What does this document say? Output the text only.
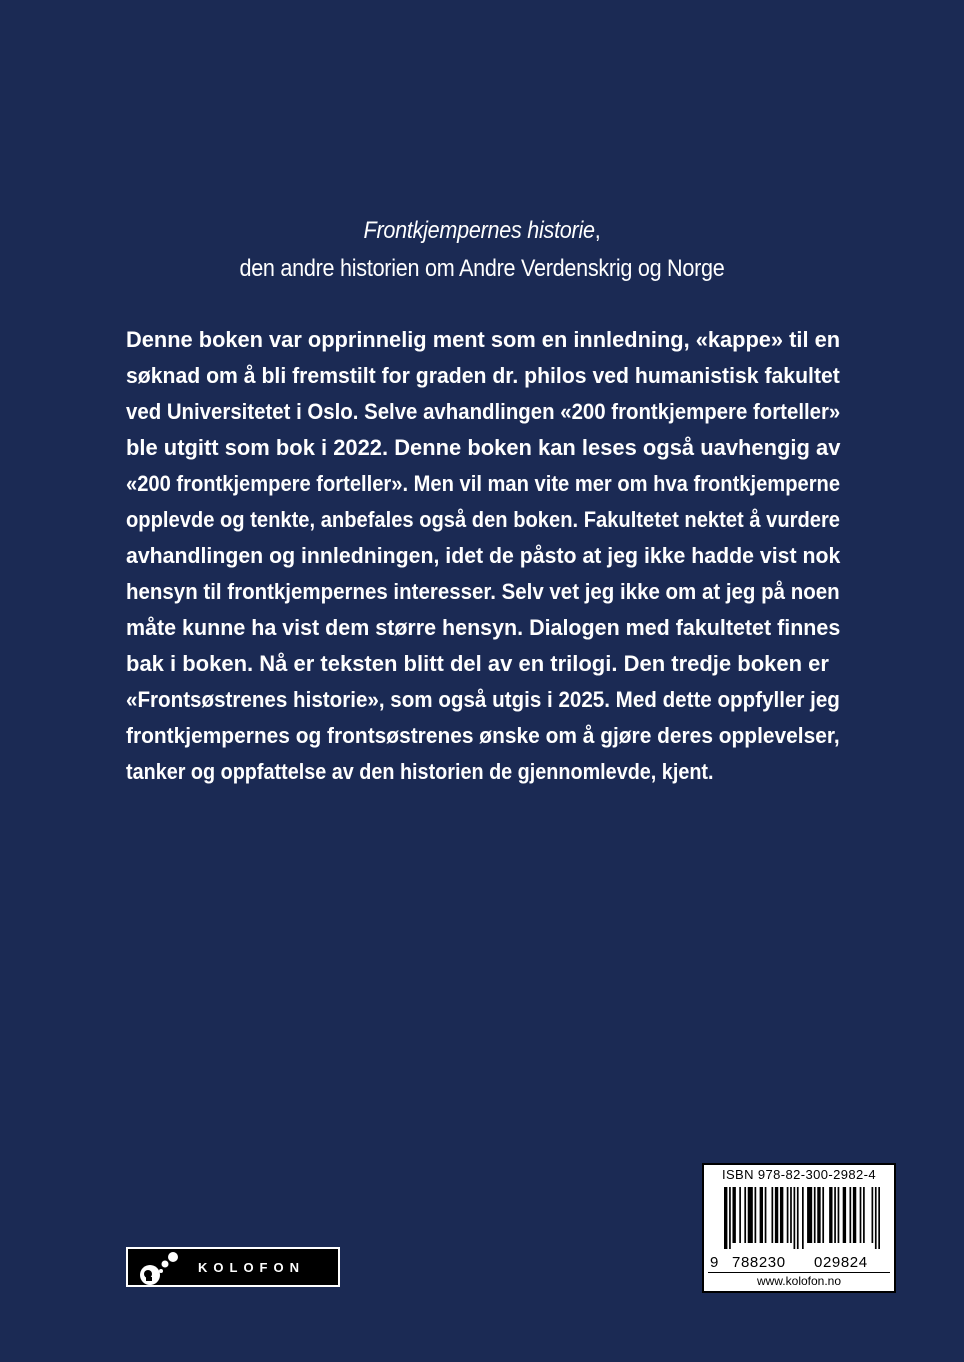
Frontkjempernes historie,
den andre historien om Andre Verdenskrig og Norge
Denne boken var opprinnelig ment som en innledning, «kappe» til en
søknad om å bli fremstilt for graden dr. philos ved humanistisk fakultet
ved Universitetet i Oslo. Selve avhandlingen «200 frontkjempere forteller»
ble utgitt som bok i 2022. Denne boken kan leses også uavhengig av
«200 frontkjempere forteller». Men vil man vite mer om hva frontkjemperne
opplevde og tenkte, anbefales også den boken. Fakultetet nektet å vurdere
avhandlingen og innledningen, idet de påsto at jeg ikke hadde vist nok
hensyn til frontkjempernes interesser. Selv vet jeg ikke om at jeg på noen
måte kunne ha vist dem større hensyn. Dialogen med fakultetet finnes
bak i boken. Nå er teksten blitt del av en trilogi. Den tredje boken er
«Frontsøstrenes historie», som også utgis i 2025. Med dette oppfyller jeg
frontkjempernes og frontsøstrenes ønske om å gjøre deres opplevelser,
tanker og oppfattelse av den historien de gjennomlevde, kjent.
KOLOFON
ISBN 978-82-300-2982-4
9 788230 029824
www.kolofon.no
